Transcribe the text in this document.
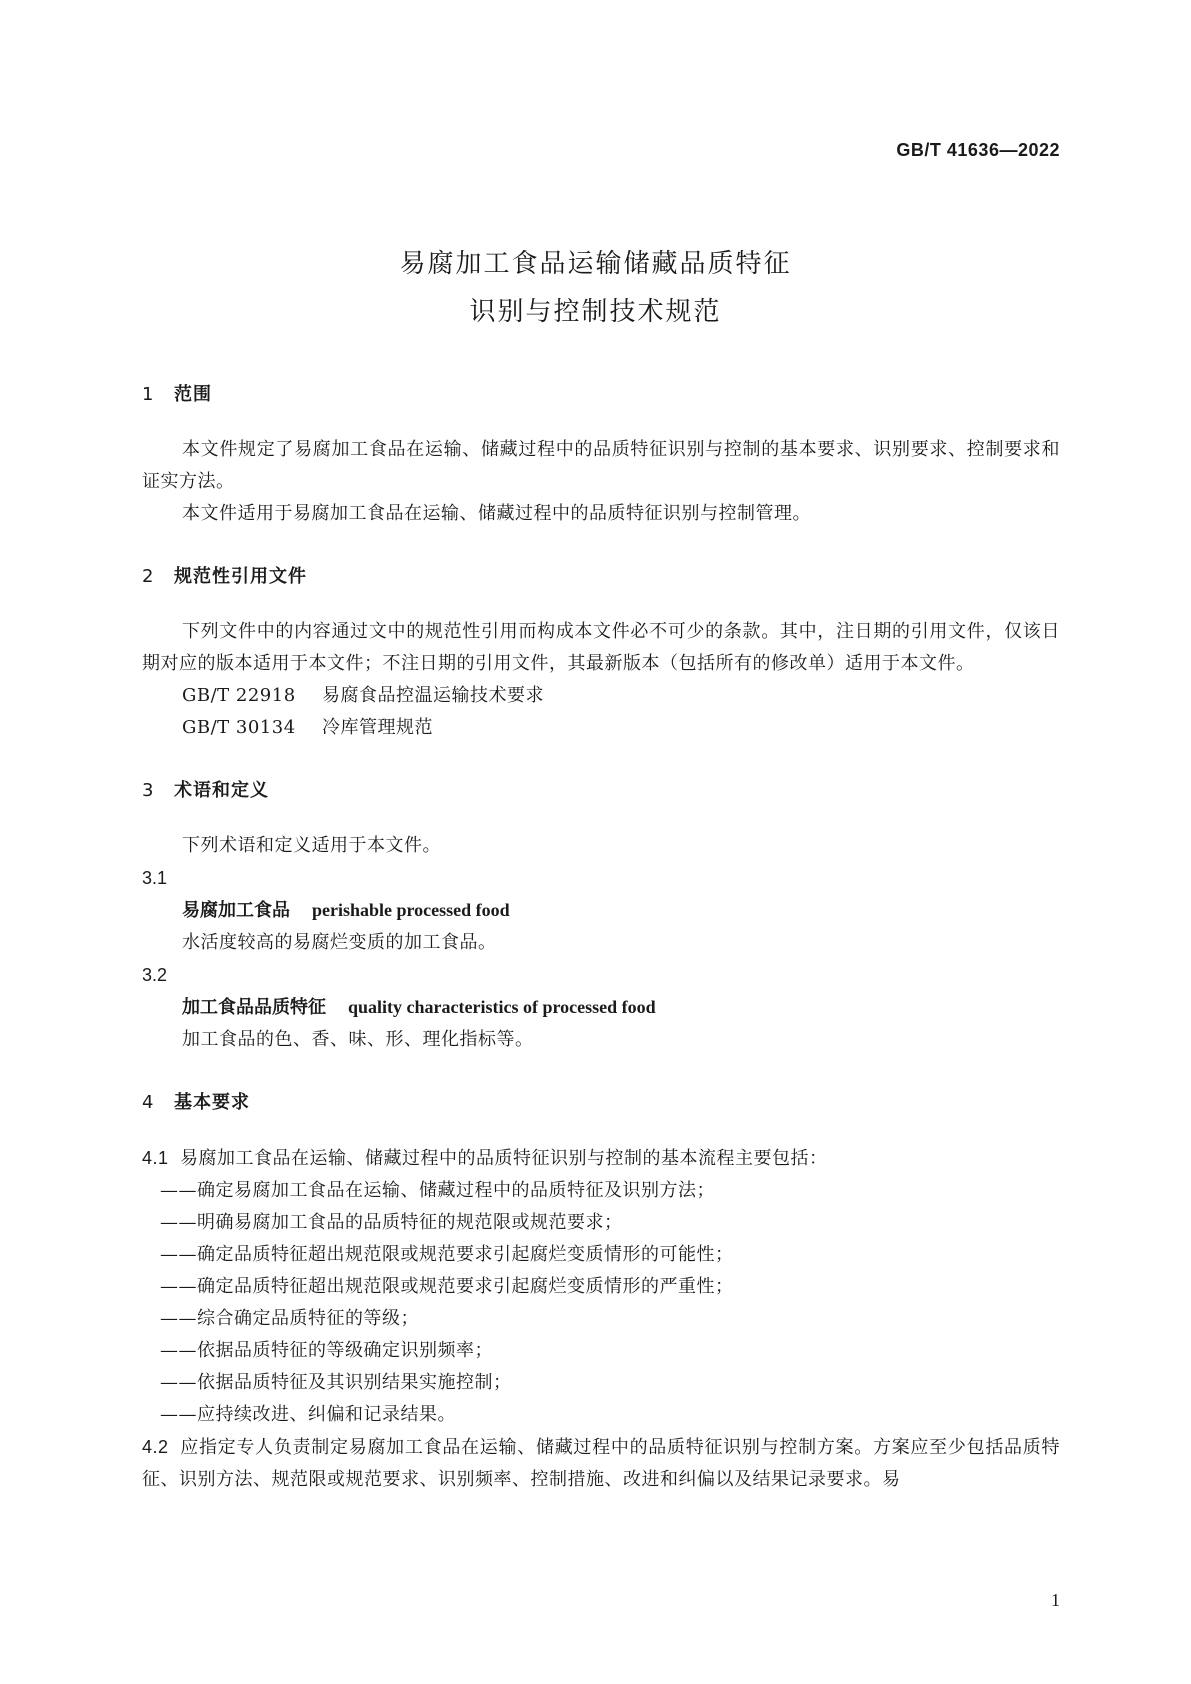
GB/T 41636—2022
易腐加工食品运输储藏品质特征
识别与控制技术规范
1 范围

本文件规定了易腐加工食品在运输、储藏过程中的品质特征识别与控制的基本要求、识别要求、控制要求和证实方法。

本文件适用于易腐加工食品在运输、储藏过程中的品质特征识别与控制管理。

2 规范性引用文件

下列文件中的内容通过文中的规范性引用而构成本文件必不可少的条款。其中，注日期的引用文件，仅该日期对应的版本适用于本文件；不注日期的引用文件，其最新版本（包括所有的修改单）适用于本文件。

GB/T 22918 易腐食品控温运输技术要求
GB/T 30134 冷库管理规范
3 术语和定义

下列术语和定义适用于本文件。

3.1
易腐加工食品 perishable processed food
水活度较高的易腐烂变质的加工食品。
3.2
加工食品品质特征 quality characteristics of processed food
加工食品的色、香、味、形、理化指标等。
4 基本要求
4.1 易腐加工食品在运输、储藏过程中的品质特征识别与控制的基本流程主要包括：
——确定易腐加工食品在运输、储藏过程中的品质特征及识别方法；
——明确易腐加工食品的品质特征的规范限或规范要求；
——确定品质特征超出规范限或规范要求引起腐烂变质情形的可能性；
——确定品质特征超出规范限或规范要求引起腐烂变质情形的严重性；
——综合确定品质特征的等级；
——依据品质特征的等级确定识别频率；
——依据品质特征及其识别结果实施控制；
——应持续改进、纠偏和记录结果。
4.2 应指定专人负责制定易腐加工食品在运输、储藏过程中的品质特征识别与控制方案。方案应至少包括品质特征、识别方法、规范限或规范要求、识别频率、控制措施、改进和纠偏以及结果记录要求。易
1
